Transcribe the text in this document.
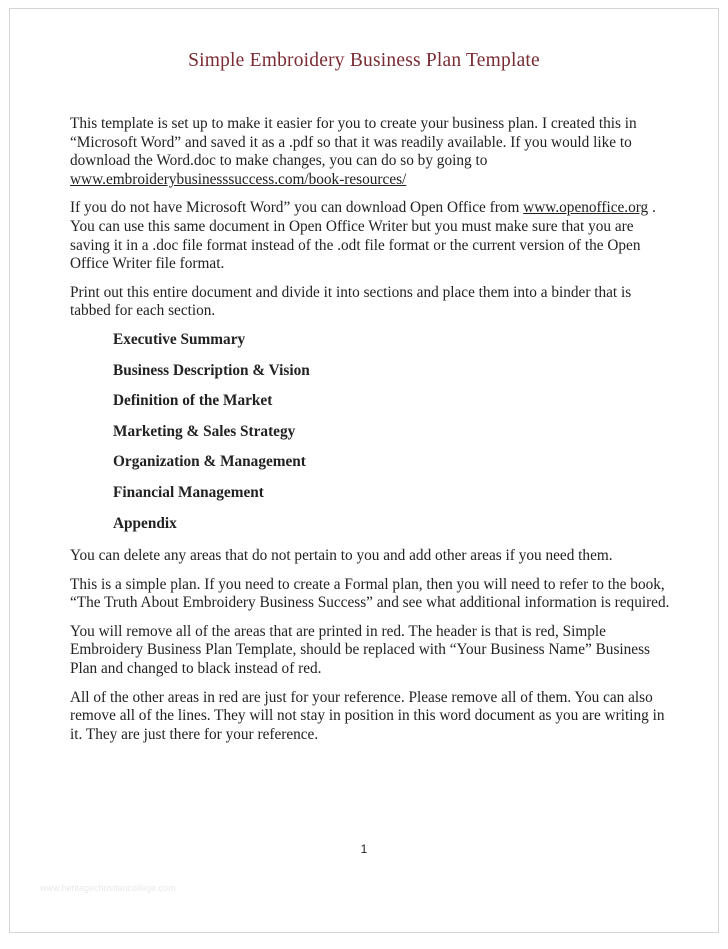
Simple Embroidery Business Plan Template

This template is set up to make it easier for you to create your business plan. I created this in “Microsoft Word” and saved it as a .pdf so that it was readily available. If you would like to download the Word.doc to make changes, you can do so by going to www.embroiderybusinesssuccess.com/book-resources/

If you do not have Microsoft Word” you can download Open Office from www.openoffice.org . You can use this same document in Open Office Writer but you must make sure that you are saving it in a .doc file format instead of the .odt file format or the current version of the Open Office Writer file format.

Print out this entire document and divide it into sections and place them into a binder that is tabbed for each section.

Executive Summary
Business Description & Vision
Definition of the Market
Marketing & Sales Strategy
Organization & Management
Financial Management
Appendix

You can delete any areas that do not pertain to you and add other areas if you need them.

This is a simple plan. If you need to create a Formal plan, then you will need to refer to the book, “The Truth About Embroidery Business Success” and see what additional information is required.

You will remove all of the areas that are printed in red. The header is that is red, Simple Embroidery Business Plan Template, should be replaced with “Your Business Name” Business Plan and changed to black instead of red.

All of the other areas in red are just for your reference. Please remove all of them. You can also remove all of the lines. They will not stay in position in this word document as you are writing in it. They are just there for your reference.

1
www.heritagechristiancollege.com
